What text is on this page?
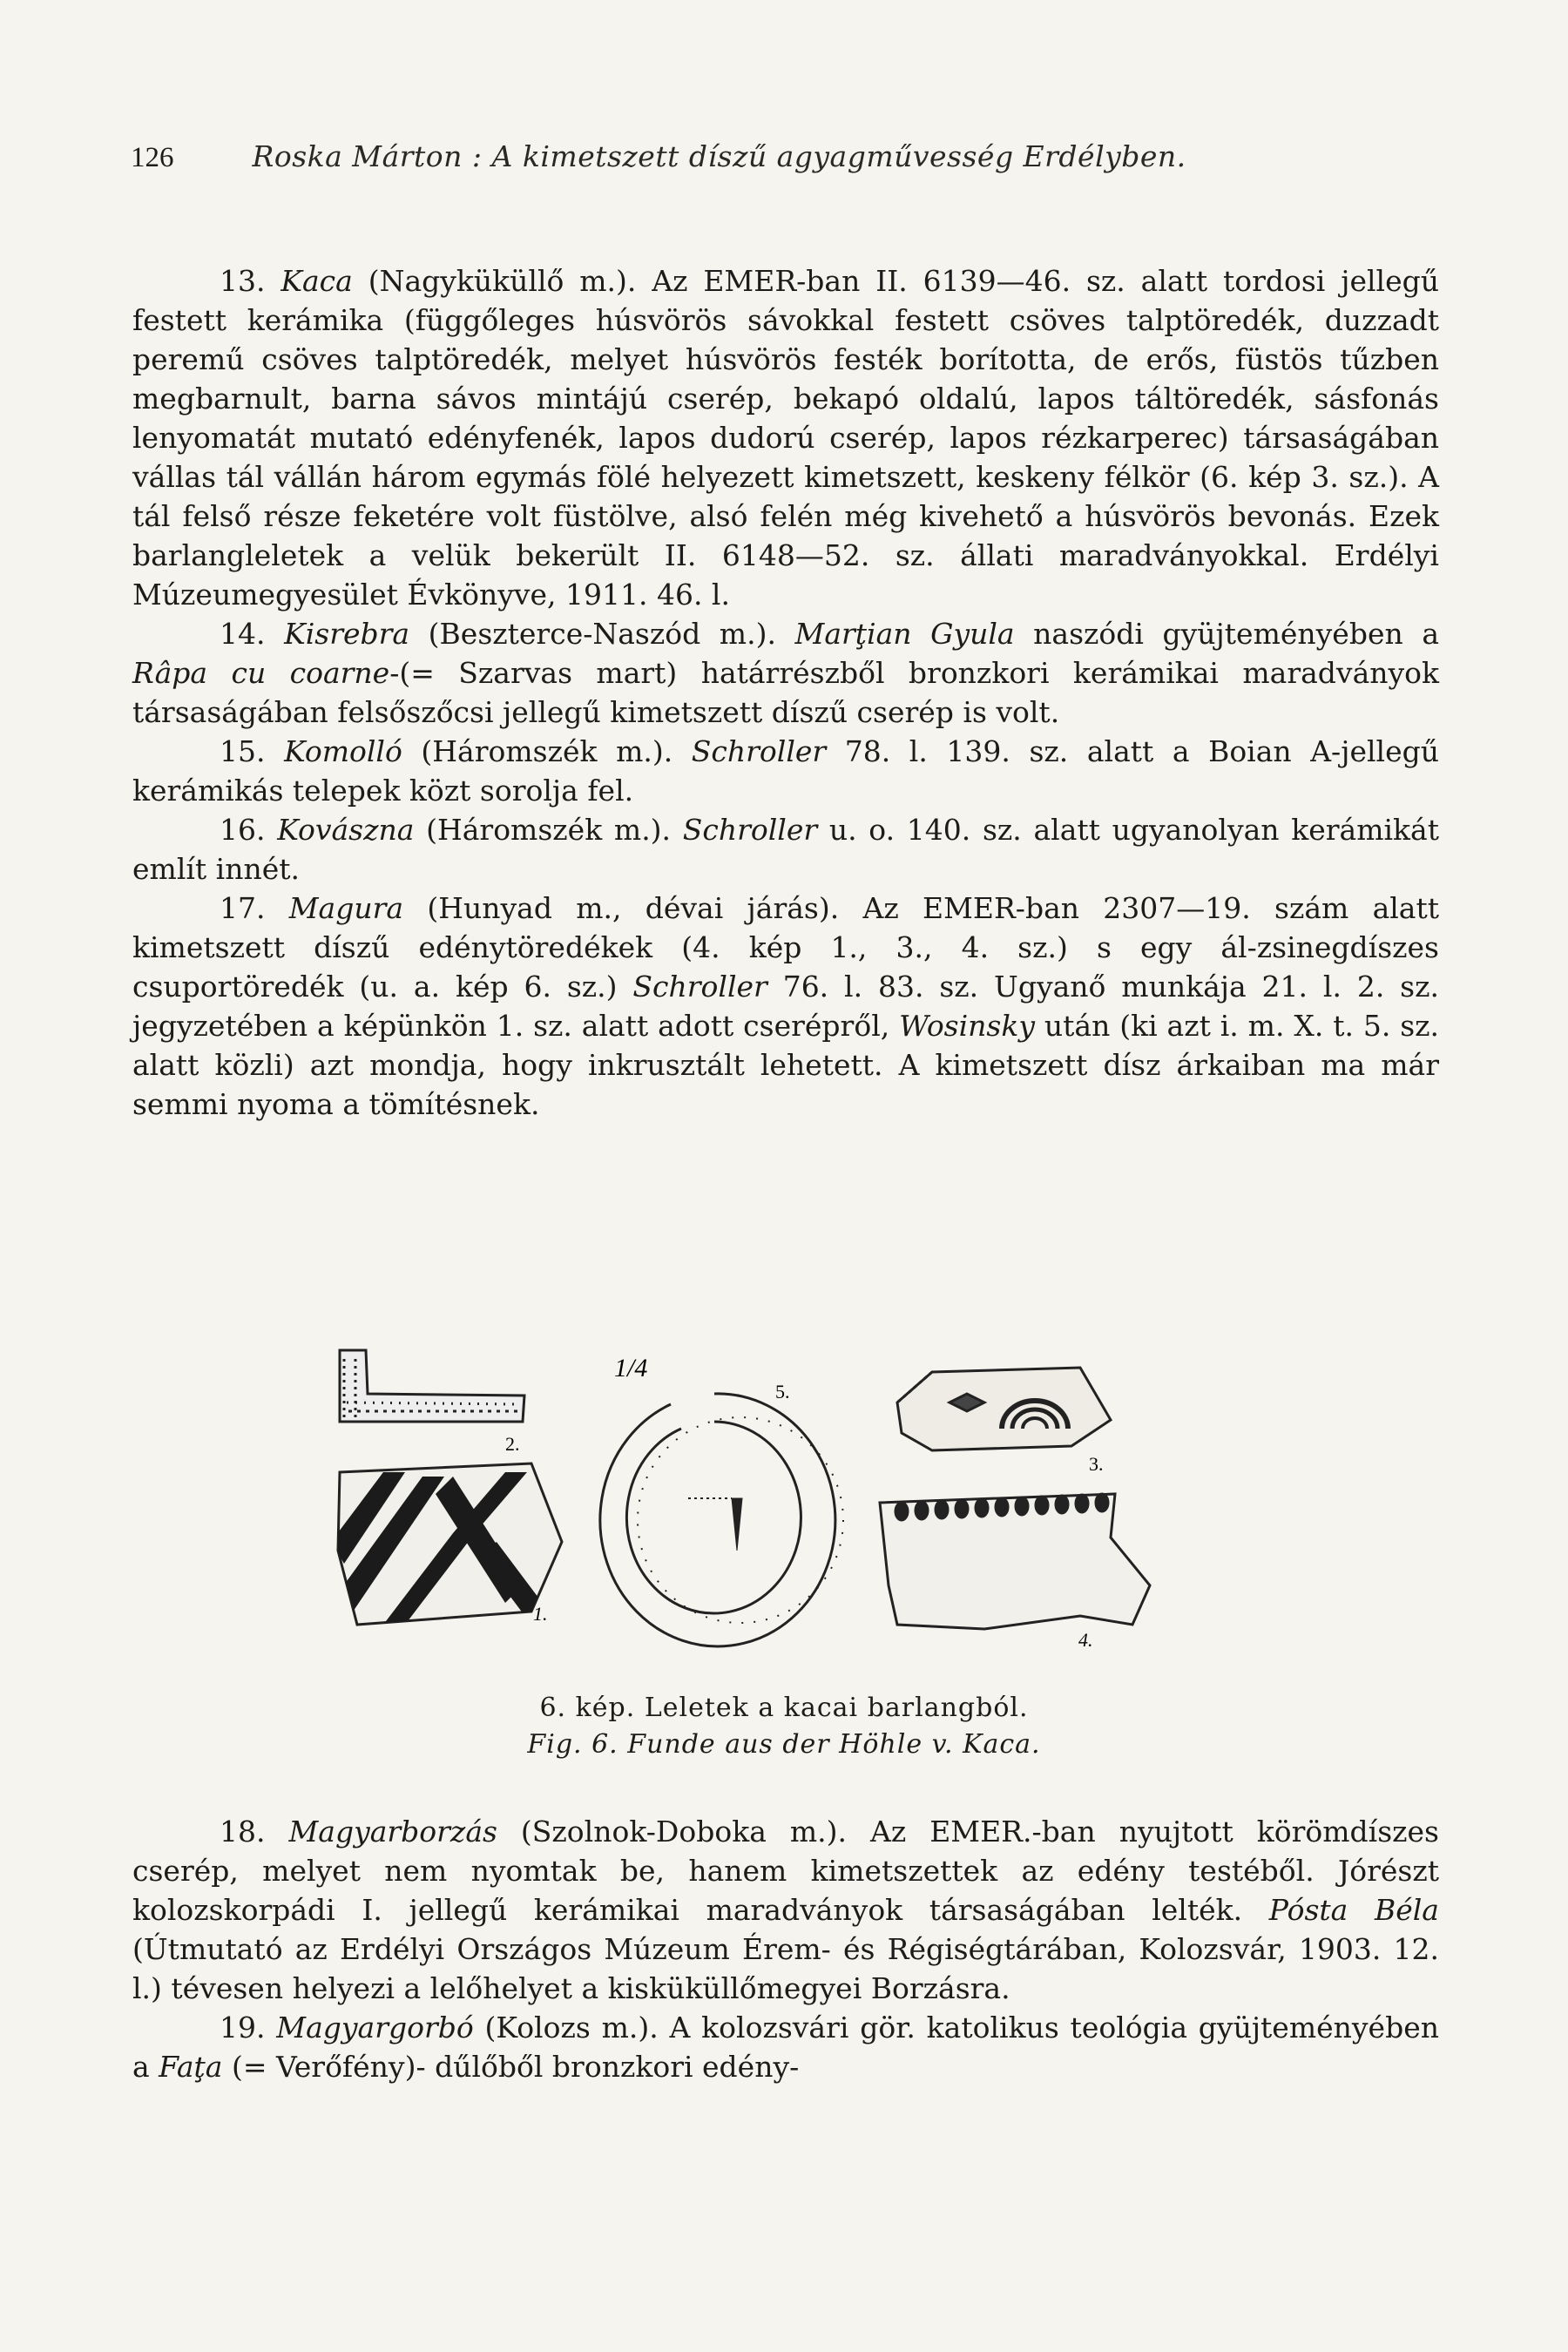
126	Roska Márton : A kimetszett díszű agyagművesség Erdélyben.

13. Kaca (Nagyküküllő m.). Az EMER-ban II. 6139—46. sz. alatt tordosi jellegű festett kerámika (függőleges húsvörös sávokkal festett csöves talptöredék, duzzadt peremű csöves talptöredék, melyet húsvörös festék borította, de erős, füstös tűzben megbarnult, barna sávos mintájú cserép, bekapó oldalú, lapos táltöredék, sásfonás lenyomatát mutató edényfenék, lapos dudorú cserép, lapos rézkarperec) társaságában vállas tál vállán három egymás fölé helyezett kimetszett, keskeny félkör (6. kép 3. sz.). A tál felső része feketére volt füstölve, alsó felén még kivehető a húsvörös bevonás. Ezek barlangleletek a velük bekerült II. 6148—52. sz. állati maradványokkal. Erdélyi Múzeumegyesület Évkönyve, 1911. 46. l.

14. Kisrebra (Beszterce-Naszód m.). Marţian Gyula naszódi gyüjteményében a Râpa cu coarne-(= Szarvas mart) határrészből bronzkori kerámikai maradványok társaságában felsőszőcsi jellegű kimetszett díszű cserép is volt.

15. Komolló (Háromszék m.). Schroller 78. l. 139. sz. alatt a Boian A-jellegű kerámikás telepek közt sorolja fel.

16. Kovászna (Háromszék m.). Schroller u. o. 140. sz. alatt ugyanolyan kerámikát említ innét.

17. Magura (Hunyad m., dévai járás). Az EMER-ban 2307—19. szám alatt kimetszett díszű edénytöredékek (4. kép 1., 3., 4. sz.) s egy ál-zsinegdíszes csuportöredék (u. a. kép 6. sz.) Schroller 76. l. 83. sz. Ugyanő munkája 21. l. 2. sz. jegyzetében a képünkön 1. sz. alatt adott cserépről, Wosinsky után (ki azt i. m. X. t. 5. sz. alatt közli) azt mondja, hogy inkrusztált lehetett. A kimetszett dísz árkaiban ma már semmi nyoma a tömítésnek.

2.
1/4
1.
5.
3.
4.
6. kép. Leletek a kacai barlangból.
Fig. 6. Funde aus der Höhle v. Kaca.

18. Magyarborzás (Szolnok-Doboka m.). Az EMER.-ban nyujtott körömdíszes cserép, melyet nem nyomtak be, hanem kimetszettek az edény testéből. Jórészt kolozskorpádi I. jellegű kerámikai maradványok társaságában lelték. Pósta Béla (Útmutató az Erdélyi Országos Múzeum Érem- és Régiségtárában, Kolozsvár, 1903. 12. l.) tévesen helyezi a lelőhelyet a kisküküllőmegyei Borzásra.

19. Magyargorbó (Kolozs m.). A kolozsvári gör. katolikus teológia gyüjteményében a Faţa (= Verőfény)- dűlőből bronzkori edény-
